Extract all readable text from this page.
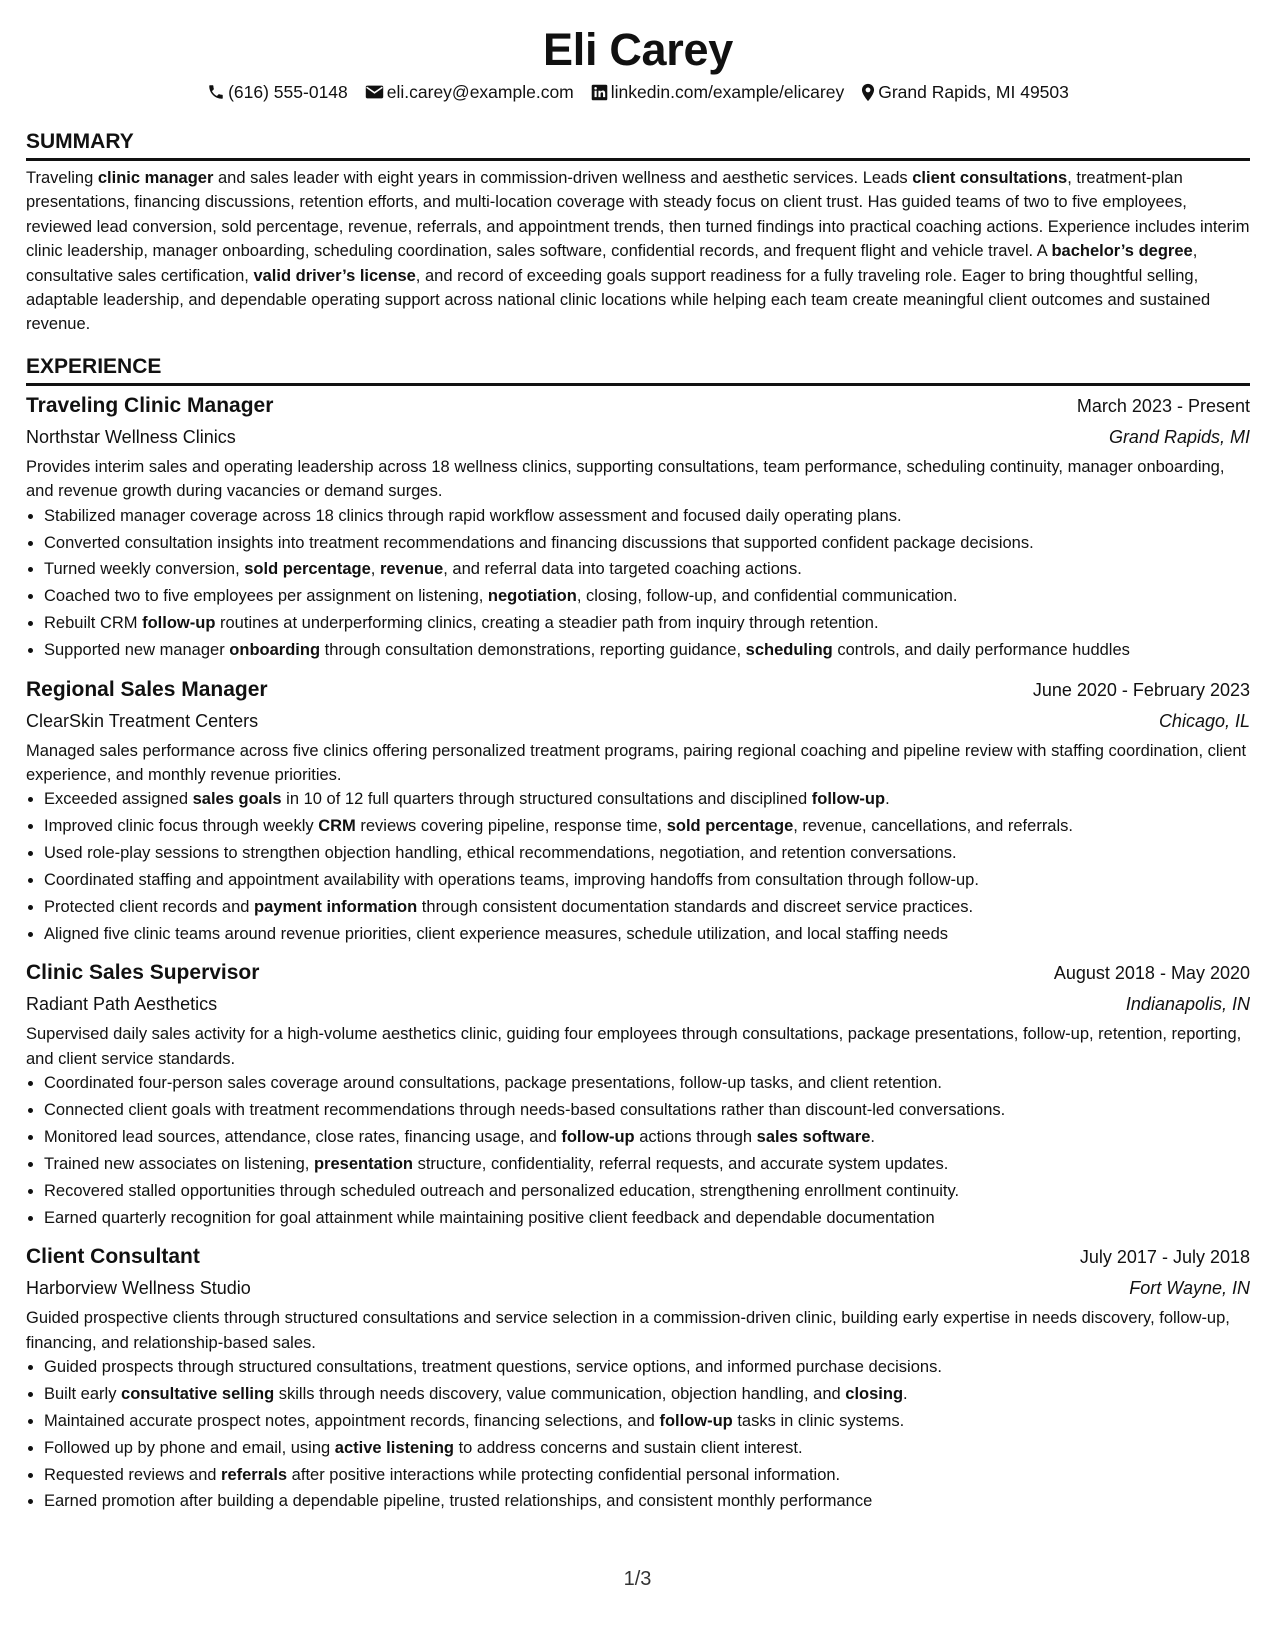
Eli Carey
(616) 555-0148 eli.carey@example.com linkedin.com/example/elicarey Grand Rapids, MI 49503
SUMMARY
Traveling clinic manager and sales leader with eight years in commission-driven wellness and aesthetic services. Leads client consultations, treatment-plan presentations, financing discussions, retention efforts, and multi-location coverage with steady focus on client trust. Has guided teams of two to five employees, reviewed lead conversion, sold percentage, revenue, referrals, and appointment trends, then turned findings into practical coaching actions. Experience includes interim clinic leadership, manager onboarding, scheduling coordination, sales software, confidential records, and frequent flight and vehicle travel. A bachelor’s degree, consultative sales certification, valid driver’s license, and record of exceeding goals support readiness for a fully traveling role. Eager to bring thoughtful selling, adaptable leadership, and dependable operating support across national clinic locations while helping each team create meaningful client outcomes and sustained revenue.
EXPERIENCE
Traveling Clinic Manager	March 2023 - Present
Northstar Wellness Clinics	Grand Rapids, MI
Provides interim sales and operating leadership across 18 wellness clinics, supporting consultations, team performance, scheduling continuity, manager onboarding, and revenue growth during vacancies or demand surges.
• Stabilized manager coverage across 18 clinics through rapid workflow assessment and focused daily operating plans.
• Converted consultation insights into treatment recommendations and financing discussions that supported confident package decisions.
• Turned weekly conversion, sold percentage, revenue, and referral data into targeted coaching actions.
• Coached two to five employees per assignment on listening, negotiation, closing, follow-up, and confidential communication.
• Rebuilt CRM follow-up routines at underperforming clinics, creating a steadier path from inquiry through retention.
• Supported new manager onboarding through consultation demonstrations, reporting guidance, scheduling controls, and daily performance huddles
Regional Sales Manager	June 2020 - February 2023
ClearSkin Treatment Centers	Chicago, IL
Managed sales performance across five clinics offering personalized treatment programs, pairing regional coaching and pipeline review with staffing coordination, client experience, and monthly revenue priorities.
• Exceeded assigned sales goals in 10 of 12 full quarters through structured consultations and disciplined follow-up.
• Improved clinic focus through weekly CRM reviews covering pipeline, response time, sold percentage, revenue, cancellations, and referrals.
• Used role-play sessions to strengthen objection handling, ethical recommendations, negotiation, and retention conversations.
• Coordinated staffing and appointment availability with operations teams, improving handoffs from consultation through follow-up.
• Protected client records and payment information through consistent documentation standards and discreet service practices.
• Aligned five clinic teams around revenue priorities, client experience measures, schedule utilization, and local staffing needs
Clinic Sales Supervisor	August 2018 - May 2020
Radiant Path Aesthetics	Indianapolis, IN
Supervised daily sales activity for a high-volume aesthetics clinic, guiding four employees through consultations, package presentations, follow-up, retention, reporting, and client service standards.
• Coordinated four-person sales coverage around consultations, package presentations, follow-up tasks, and client retention.
• Connected client goals with treatment recommendations through needs-based consultations rather than discount-led conversations.
• Monitored lead sources, attendance, close rates, financing usage, and follow-up actions through sales software.
• Trained new associates on listening, presentation structure, confidentiality, referral requests, and accurate system updates.
• Recovered stalled opportunities through scheduled outreach and personalized education, strengthening enrollment continuity.
• Earned quarterly recognition for goal attainment while maintaining positive client feedback and dependable documentation
Client Consultant	July 2017 - July 2018
Harborview Wellness Studio	Fort Wayne, IN
Guided prospective clients through structured consultations and service selection in a commission-driven clinic, building early expertise in needs discovery, follow-up, financing, and relationship-based sales.
• Guided prospects through structured consultations, treatment questions, service options, and informed purchase decisions.
• Built early consultative selling skills through needs discovery, value communication, objection handling, and closing.
• Maintained accurate prospect notes, appointment records, financing selections, and follow-up tasks in clinic systems.
• Followed up by phone and email, using active listening to address concerns and sustain client interest.
• Requested reviews and referrals after positive interactions while protecting confidential personal information.
• Earned promotion after building a dependable pipeline, trusted relationships, and consistent monthly performance
1/3
